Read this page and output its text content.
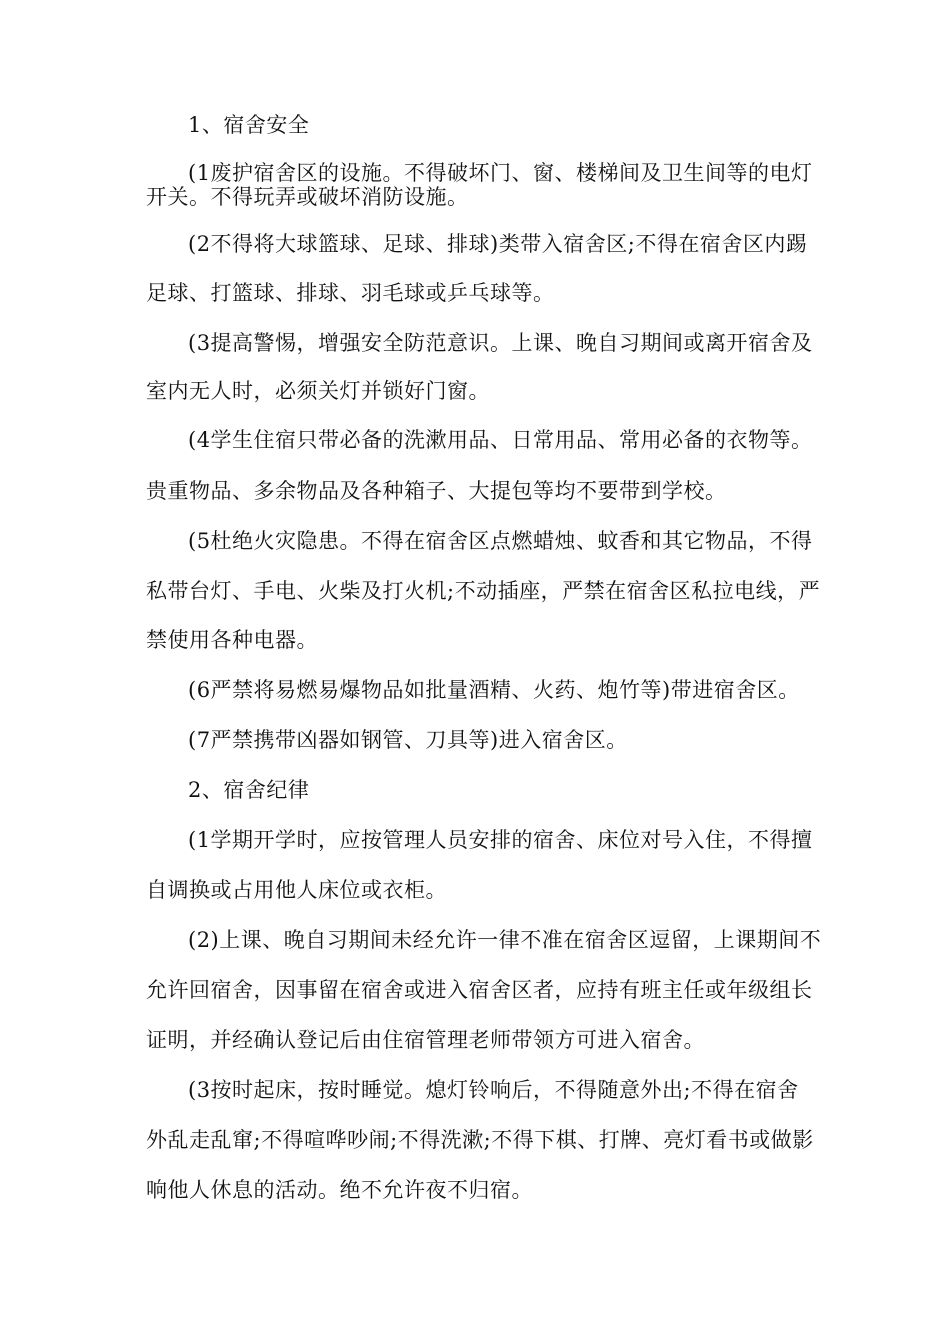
1、宿舍安全
(1废护宿舍区的设施。不得破坏门、窗、楼梯间及卫生间等的电灯
开关。不得玩弄或破坏消防设施。
(2不得将大球篮球、足球、排球)类带入宿舍区;不得在宿舍区内踢
足球、打篮球、排球、羽毛球或乒乓球等。
(3提高警惕，增强安全防范意识。上课、晚自习期间或离开宿舍及
室内无人时，必须关灯并锁好门窗。
(4学生住宿只带必备的洗漱用品、日常用品、常用必备的衣物等。
贵重物品、多余物品及各种箱子、大提包等均不要带到学校。
(5杜绝火灾隐患。不得在宿舍区点燃蜡烛、蚊香和其它物品，不得
私带台灯、手电、火柴及打火机;不动插座，严禁在宿舍区私拉电线，严
禁使用各种电器。
(6严禁将易燃易爆物品如批量酒精、火药、炮竹等)带进宿舍区。
(7严禁携带凶器如钢管、刀具等)进入宿舍区。
2、宿舍纪律
(1学期开学时，应按管理人员安排的宿舍、床位对号入住，不得擅
自调换或占用他人床位或衣柜。
(2)上课、晚自习期间未经允许一律不准在宿舍区逗留，上课期间不
允许回宿舍，因事留在宿舍或进入宿舍区者，应持有班主任或年级组长
证明，并经确认登记后由住宿管理老师带领方可进入宿舍。
(3按时起床，按时睡觉。熄灯铃响后，不得随意外出;不得在宿舍
外乱走乱窜;不得喧哗吵闹;不得洗漱;不得下棋、打牌、亮灯看书或做影
响他人休息的活动。绝不允许夜不归宿。
